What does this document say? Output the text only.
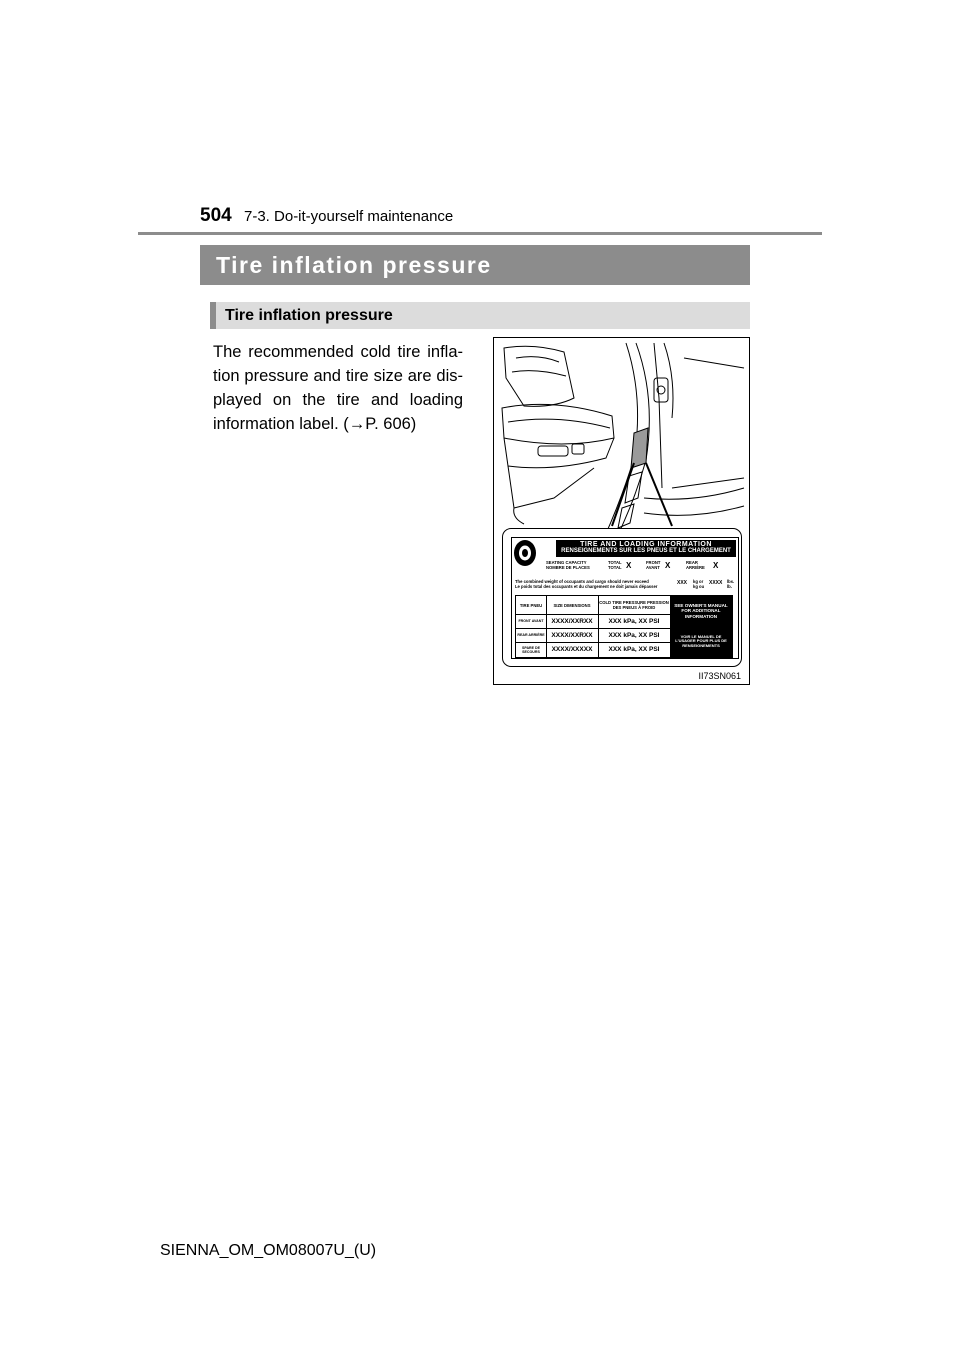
504 7-3. Do-it-yourself maintenance
Tire inflation pressure
Tire inflation pressure
The recommended cold tire infla-tion pressure and tire size are dis-played on the tire and loading information label. (→P. 606)
TIRE AND LOADING INFORMATION
RENSEIGNEMENTS SUR LES PNEUS ET LE CHARGEMENT
SEATING CAPACITY
NOMBRE DE PLACES
TOTAL
TOTAL X	FRONT
AVANT X	REAR
ARRIÈRE X
The combined weight of occupants and cargo should never exceed
Le poids total des occupants et du chargement ne doit jamais dépasser
XXX kg or kg ou
XXXX lbs. lb.
TIRE PNEU	SIZE DIMENSIONS	COLD TIRE PRESSURE PRESSION DES PNEUS À FROID	SEE OWNER'S MANUAL FOR ADDITIONAL INFORMATION
VOIR LE MANUEL DE L'USAGER POUR PLUS DE RENSEIGNEMENTS
FRONT AVANT	XXXX/XXRXX	XXX kPa, XX PSI
REAR ARRIÈRE	XXXX/XXRXX	XXX kPa, XX PSI
SPARE DE SECOURS	XXXX/XXXXX	XXX kPa, XX PSI
II73SN061
SIENNA_OM_OM08007U_(U)
